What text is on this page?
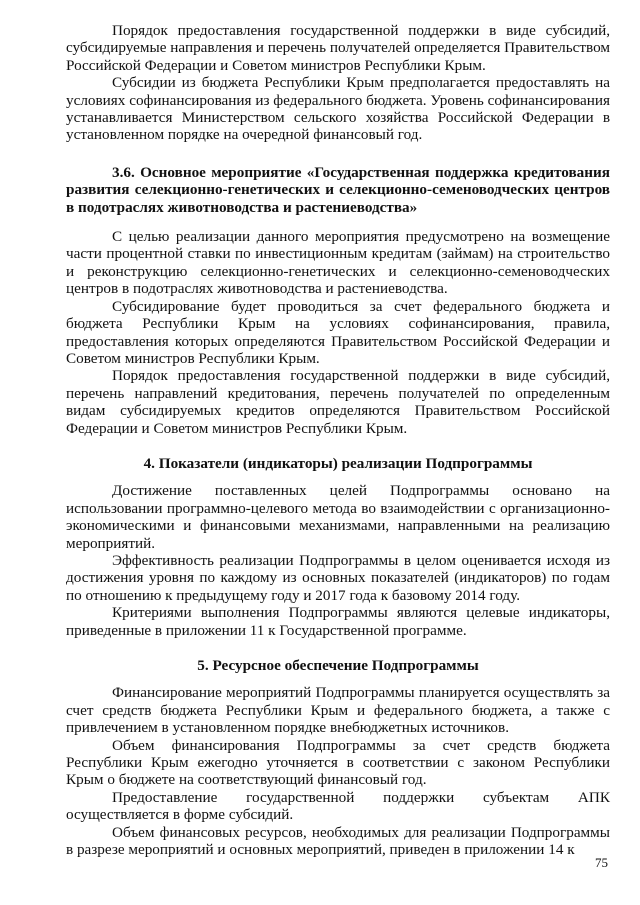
Порядок предоставления государственной поддержки в виде субсидий, субсидируемые направления и перечень получателей определяется Правительством Российской Федерации и Советом министров Республики Крым.

Субсидии из бюджета Республики Крым предполагается предоставлять на условиях софинансирования из федерального бюджета. Уровень софинансирования устанавливается Министерством сельского хозяйства Российской Федерации в установленном порядке на очередной финансовый год.

3.6. Основное мероприятие «Государственная поддержка кредитования развития селекционно-генетических и селекционно-семеноводческих центров в подотраслях животноводства и растениеводства»

С целью реализации данного мероприятия предусмотрено на возмещение части процентной ставки по инвестиционным кредитам (займам) на строительство и реконструкцию селекционно-генетических и селекционно-семеноводческих центров в подотраслях животноводства и растениеводства.

Субсидирование будет проводиться за счет федерального бюджета и бюджета Республики Крым на условиях софинансирования, правила, предоставления которых определяются Правительством Российской Федерации и Советом министров Республики Крым.

Порядок предоставления государственной поддержки в виде субсидий, перечень направлений кредитования, перечень получателей по определенным видам субсидируемых кредитов определяются Правительством Российской Федерации и Советом министров Республики Крым.

4. Показатели (индикаторы) реализации Подпрограммы

Достижение поставленных целей Подпрограммы основано на использовании программно-целевого метода во взаимодействии с организационно-экономическими и финансовыми механизмами, направленными на реализацию мероприятий.

Эффективность реализации Подпрограммы в целом оценивается исходя из достижения уровня по каждому из основных показателей (индикаторов) по годам по отношению к предыдущему году и 2017 года к базовому 2014 году.

Критериями выполнения Подпрограммы являются целевые индикаторы, приведенные в приложении 11 к Государственной программе.

5. Ресурсное обеспечение Подпрограммы

Финансирование мероприятий Подпрограммы планируется осуществлять за счет средств бюджета Республики Крым и федерального бюджета, а также с привлечением в установленном порядке внебюджетных источников.

Объем финансирования Подпрограммы за счет средств бюджета Республики Крым ежегодно уточняется в соответствии с законом Республики Крым о бюджете на соответствующий финансовый год.

Предоставление государственной поддержки субъектам АПК осуществляется в форме субсидий.

Объем финансовых ресурсов, необходимых для реализации Подпрограммы в разрезе мероприятий и основных мероприятий, приведен в приложении 14 к

75
